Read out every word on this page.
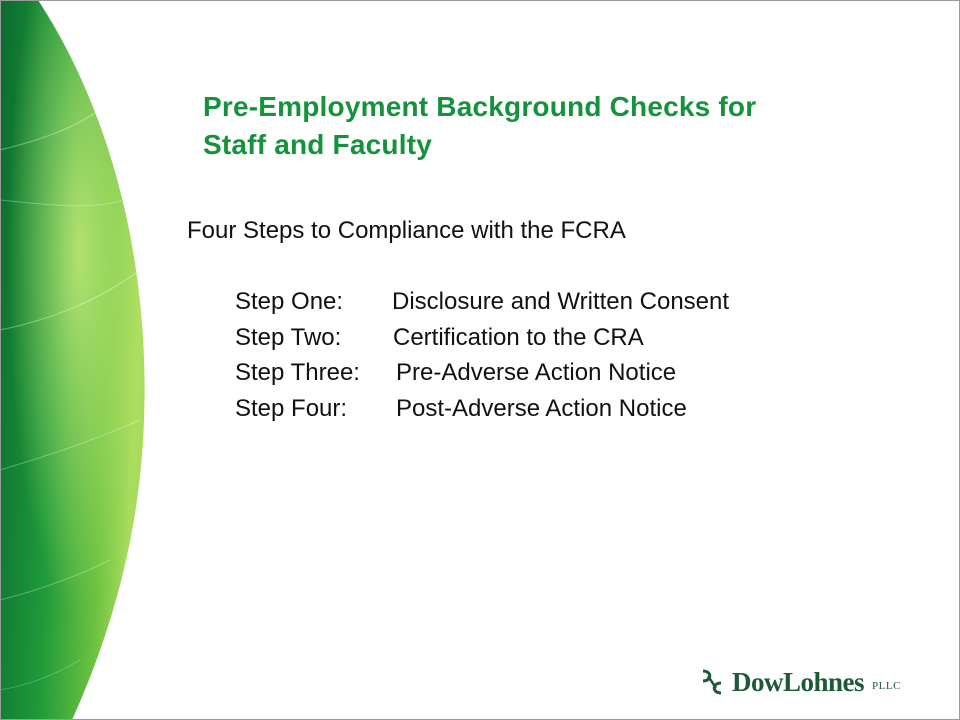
Pre-Employment Background Checks for
Staff and Faculty

Four Steps to Compliance with the FCRA

Step One: Disclosure and Written Consent
Step Two: Certification to the CRA
Step Three: Pre-Adverse Action Notice
Step Four: Post-Adverse Action Notice
DowLohnes PLLC
